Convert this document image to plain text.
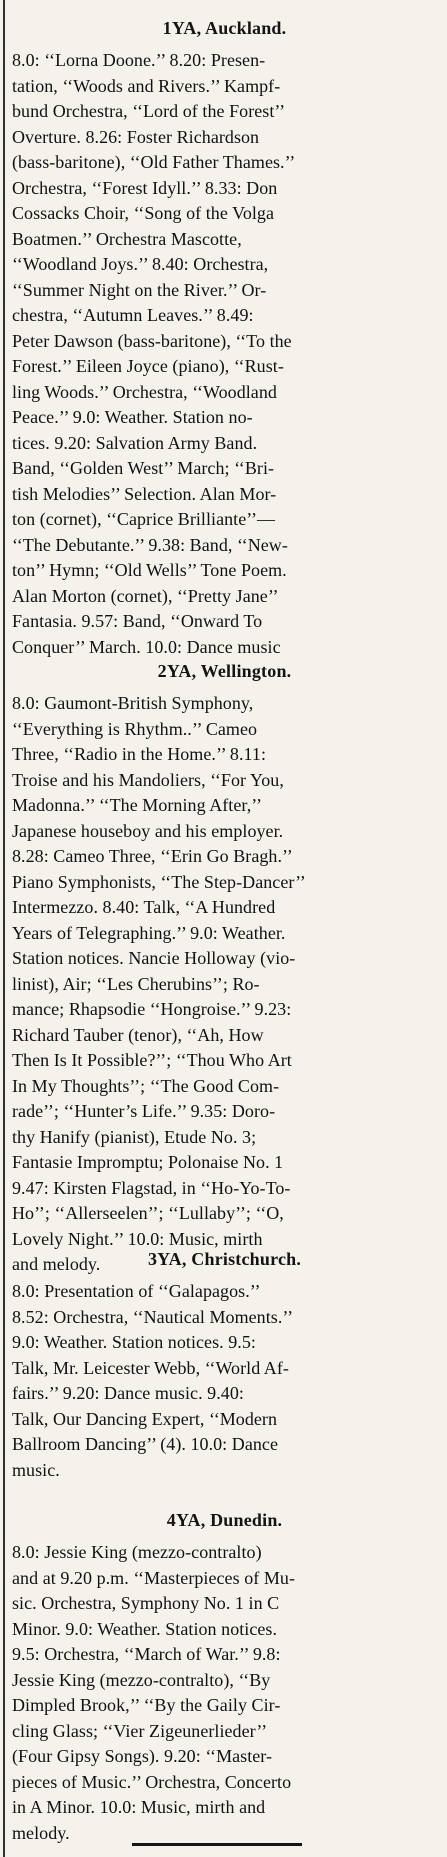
1YA, Auckland.

8.0: ‘‘Lorna Doone.’’ 8.20: Presen-
tation, ‘‘Woods and Rivers.’’ Kampf-
bund Orchestra, ‘‘Lord of the Forest’’
Overture. 8.26: Foster Richardson
(bass-baritone), ‘‘Old Father Thames.’’
Orchestra, ‘‘Forest Idyll.’’ 8.33: Don
Cossacks Choir, ‘‘Song of the Volga
Boatmen.’’ Orchestra Mascotte,
‘‘Woodland Joys.’’ 8.40: Orchestra,
‘‘Summer Night on the River.’’ Or-
chestra, ‘‘Autumn Leaves.’’ 8.49:
Peter Dawson (bass-baritone), ‘‘To the
Forest.’’ Eileen Joyce (piano), ‘‘Rust-
ling Woods.’’ Orchestra, ‘‘Woodland
Peace.’’ 9.0: Weather. Station no-
tices. 9.20: Salvation Army Band.
Band, ‘‘Golden West’’ March; ‘‘Bri-
tish Melodies’’ Selection. Alan Mor-
ton (cornet), ‘‘Caprice Brilliante’’—
‘‘The Debutante.’’ 9.38: Band, ‘‘New-
ton’’ Hymn; ‘‘Old Wells’’ Tone Poem.
Alan Morton (cornet), ‘‘Pretty Jane’’
Fantasia. 9.57: Band, ‘‘Onward To
Conquer’’ March. 10.0: Dance music

2YA, Wellington.

8.0: Gaumont-British Symphony,
‘‘Everything is Rhythm..’’ Cameo
Three, ‘‘Radio in the Home.’’ 8.11:
Troise and his Mandoliers, ‘‘For You,
Madonna.’’ ‘‘The Morning After,’’
Japanese houseboy and his employer.
8.28: Cameo Three, ‘‘Erin Go Bragh.’’
Piano Symphonists, ‘‘The Step-Dancer’’
Intermezzo. 8.40: Talk, ‘‘A Hundred
Years of Telegraphing.’’ 9.0: Weather.
Station notices. Nancie Holloway (vio-
linist), Air; ‘‘Les Cherubins’’; Ro-
mance; Rhapsodie ‘‘Hongroise.’’ 9.23:
Richard Tauber (tenor), ‘‘Ah, How
Then Is It Possible?’’; ‘‘Thou Who Art
In My Thoughts’’; ‘‘The Good Com-
rade’’; ‘‘Hunter’s Life.’’ 9.35: Doro-
thy Hanify (pianist), Etude No. 3;
Fantasie Impromptu; Polonaise No. 1
9.47: Kirsten Flagstad, in ‘‘Ho-Yo-To-
Ho’’; ‘‘Allerseelen’’; ‘‘Lullaby’’; ‘‘O,
Lovely Night.’’ 10.0: Music, mirth
and melody.	3YA, Christchurch.

8.0: Presentation of ‘‘Galapagos.’’
8.52: Orchestra, ‘‘Nautical Moments.’’
9.0: Weather. Station notices. 9.5:
Talk, Mr. Leicester Webb, ‘‘World Af-
fairs.’’ 9.20: Dance music. 9.40:
Talk, Our Dancing Expert, ‘‘Modern
Ballroom Dancing’’ (4). 10.0: Dance
music.

4YA, Dunedin.

8.0: Jessie King (mezzo-contralto)
and at 9.20 p.m. ‘‘Masterpieces of Mu-
sic. Orchestra, Symphony No. 1 in C
Minor. 9.0: Weather. Station notices.
9.5: Orchestra, ‘‘March of War.’’ 9.8:
Jessie King (mezzo-contralto), ‘‘By
Dimpled Brook,’’ ‘‘By the Gaily Cir-
cling Glass; ‘‘Vier Zigeunerlieder’’
(Four Gipsy Songs). 9.20: ‘‘Master-
pieces of Music.’’ Orchestra, Concerto
in A Minor. 10.0: Music, mirth and
melody.
